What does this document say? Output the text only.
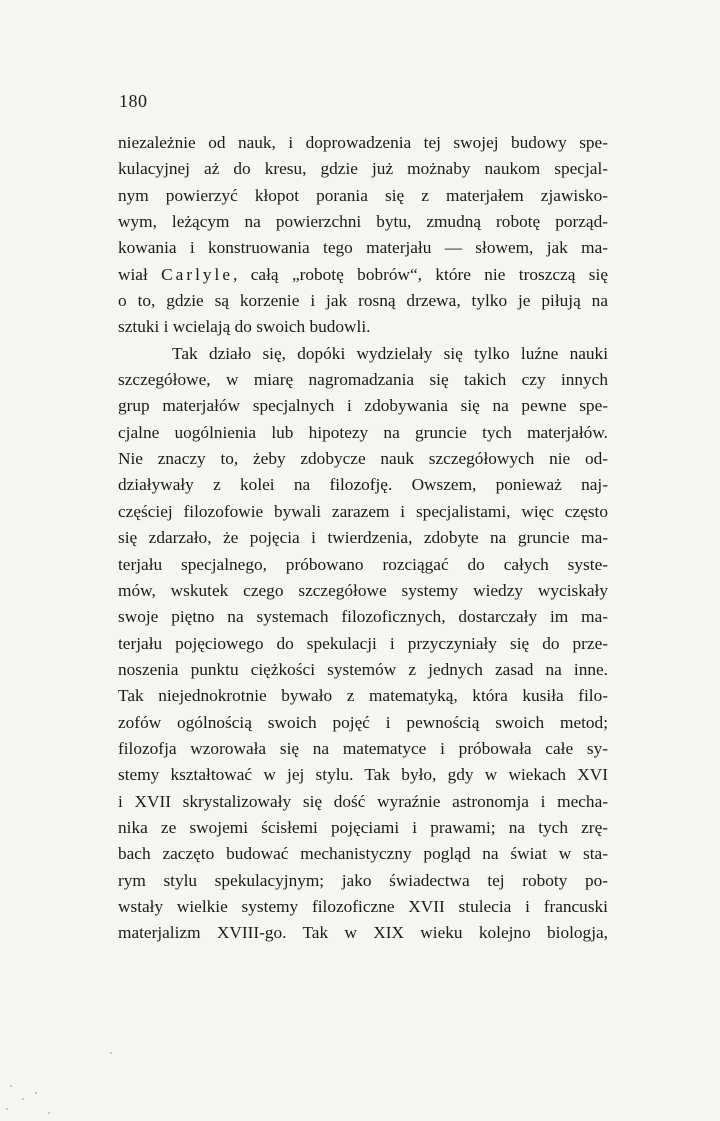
180
niezależnie od nauk, i doprowadzenia tej swojej budowy spe-
kulacyjnej aż do kresu, gdzie już możnaby naukom specjal-
nym powierzyć kłopot porania się z materjałem zjawisko-
wym, leżącym na powierzchni bytu, zmudną robotę porząd-
kowania i konstruowania tego materjału — słowem, jak ma-
wiał Carlyle, całą „robotę bobrów“, które nie troszczą się
o to, gdzie są korzenie i jak rosną drzewa, tylko je piłują na
sztuki i wcielają do swoich budowli.
Tak działo się, dopóki wydzielały się tylko luźne nauki
szczegółowe, w miarę nagromadzania się takich czy innych
grup materjałów specjalnych i zdobywania się na pewne spe-
cjalne uogólnienia lub hipotezy na gruncie tych materjałów.
Nie znaczy to, żeby zdobycze nauk szczegółowych nie od-
działywały z kolei na filozofję. Owszem, ponieważ naj-
częściej filozofowie bywali zarazem i specjalistami, więc często
się zdarzało, że pojęcia i twierdzenia, zdobyte na gruncie ma-
terjału specjalnego, próbowano rozciągać do całych syste-
mów, wskutek czego szczegółowe systemy wiedzy wyciskały
swoje piętno na systemach filozoficznych, dostarczały im ma-
terjału pojęciowego do spekulacji i przyczyniały się do prze-
noszenia punktu ciężkości systemów z jednych zasad na inne.
Tak niejednokrotnie bywało z matematyką, która kusiła filo-
zofów ogólnością swoich pojęć i pewnością swoich metod;
filozofja wzorowała się na matematyce i próbowała całe sy-
stemy kształtować w jej stylu. Tak było, gdy w wiekach XVI
i XVII skrystalizowały się dość wyraźnie astronomja i mecha-
nika ze swojemi ścisłemi pojęciami i prawami; na tych zrę-
bach zaczęto budować mechanistyczny pogląd na świat w sta-
rym stylu spekulacyjnym; jako świadectwa tej roboty po-
wstały wielkie systemy filozoficzne XVII stulecia i francuski
materjalizm XVIII-go. Tak w XIX wieku kolejno biologja,
